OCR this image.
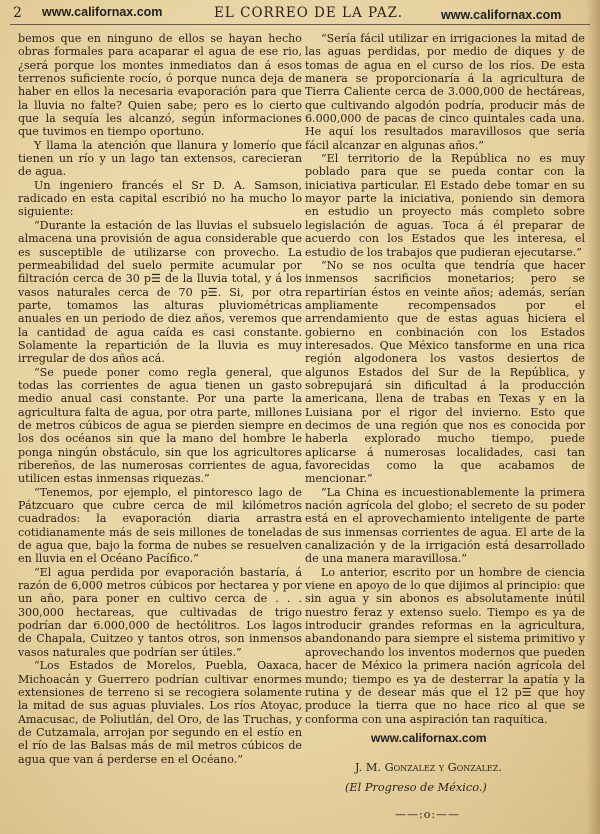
2 www.californax.com	EL CORREO DE LA PAZ.	www.californax.com

bemos que en ninguno de ellos se hayan hecho obras formales para acaparar el agua de ese rio, ¿será porque los montes inmediatos dan á esos terrenos suficiente rocío, ó porque nunca deja de haber en ellos la necesaria evaporación para que la lluvia no falte? Quien sabe; pero es lo cierto que la sequía les alcanzó, según informaciones que tuvimos en tiempo oportuno.

Y llama la atención que llanura y lomerío que tienen un río y un lago tan extensos, carecieran de agua.

Un ingeniero francés el Sr D. A. Samson, radicado en esta capital escribió no ha mucho lo siguiente:

“Durante la estación de las lluvias el subsuelo almacena una provisión de agua considerable que es susceptible de utilizarse con provecho. La permeabilidad del suelo permite acumular por filtración cerca de 30 p☰ de la lluvia total, y á los vasos naturales cerca de 70 p☰. Si, por otra parte, tomamos las alturas pluviométricas anuales en un periodo de diez años, veremos que la cantidad de agua caída es casi constante. Solamente la repartición de la lluvia es muy irregular de dos años acá.

“Se puede poner como regla general, que todas las corrientes de agua tienen un gasto medio anual casi constante. Por una parte la agricultura falta de agua, por otra parte, millones de metros cúbicos de agua se pierden siempre en los dos océanos sin que la mano del hombre le ponga ningún obstáculo, sin que los agricultores ribereños, de las numerosas corrientes de agua, utilicen estas inmensas riquezas.”

“Tenemos, por ejemplo, el pintoresco lago de Pátzcuaro que cubre cerca de mil kilómetros cuadrados: la evaporación diaria arrastra cotidianamente más de seis millones de toneladas de agua que, bajo la forma de nubes se resuelven en lluvia en el Océano Pacífico.”

“El agua perdida por evaporación bastaría, á razón de 6,000 metros cúbicos por hectarea y por un año, para poner en cultivo cerca de . . . 300,000 hectareas, que cultivadas de trigo podrían dar 6.000,000 de hectólitros. Los lagos de Chapala, Cuitzeo y tantos otros, son inmensos vasos naturales que podrían ser útiles.”

“Los Estados de Morelos, Puebla, Oaxaca, Michoacán y Guerrero podrían cultivar enormes extensiones de terreno si se recogiera solamente la mitad de sus aguas pluviales. Los ríos Atoyac, Amacusac, de Poliutlán, del Oro, de las Truchas, y de Cutzamala, arrojan por segundo en el estío en el río de las Balsas más de mil metros cúbicos de agua que van á perderse en el Océano.”

“Sería fácil utilizar en irrigaciones la mitad de las aguas perdidas, por medio de diques y de tomas de agua en el curso de los ríos. De esta manera se proporcionaría á la agricultura de Tierra Caliente cerca de 3.000,000 de hectáreas, que cultivando algodón podría, producir más de 6.000,000 de pacas de cinco quintales cada una. He aquí los resultados maravillosos que sería fácil alcanzar en algunas años.”

“El territorio de la República no es muy poblado para que se pueda contar con la iniciativa particular. El Estado debe tomar en su mayor parte la iniciativa, poniendo sin demora en estudio un proyecto más completo sobre legislación de aguas. Toca á él preparar de acuerdo con los Estados que les interesa, el estudio de los trabajos que pudieran ejecutarse.”

“No se nos oculta que tendría que hacer inmensos sacrificios monetarios; pero se repartirían éstos en veinte años; además, serían ampliamente recompensados por el arrendamiento que de estas aguas hiciera el gobierno en conbinación con los Estados interesados. Que México tansforme en una rica región algodonera los vastos desiertos de algunos Estados del Sur de la República, y sobrepujará sin dificultad á la producción americana, llena de trabas en Texas y en la Luisiana por el rigor del invierno. Esto que decimos de una región que nos es conocida por haberla explorado mucho tiempo, puede aplicarse á numerosas localidades, casi tan favorecidas como la que acabamos de mencionar.”

“La China es incuestionablemente la primera nación agrícola del globo; el secreto de su poder está en el aprovechamiento inteligente de parte de sus inmensas corrientes de agua. El arte de la canalización y de la irrigación está desarrollado de una manera maravillosa.”

Lo anterior, escrito por un hombre de ciencia viene en apoyo de lo que dijimos al principio: que sin agua y sin abonos es absolutamente inútil nuestro feraz y extenso suelo. Tiempo es ya de introducir grandes reformas en la agricultura, abandonando para siempre el sistema primitivo y aprovechando los inventos modernos que pueden hacer de México la primera nación agrícola del mundo; tiempo es ya de desterrar la apatía y la rutina y de desear más que el 12 p☰ que hoy produce la tierra que no hace rico al que se conforma con una aspiración tan raquítica.

www.californax.com
J. M. Gonzalez y Gonzalez.
(El Progreso de México.)
——:o:——
